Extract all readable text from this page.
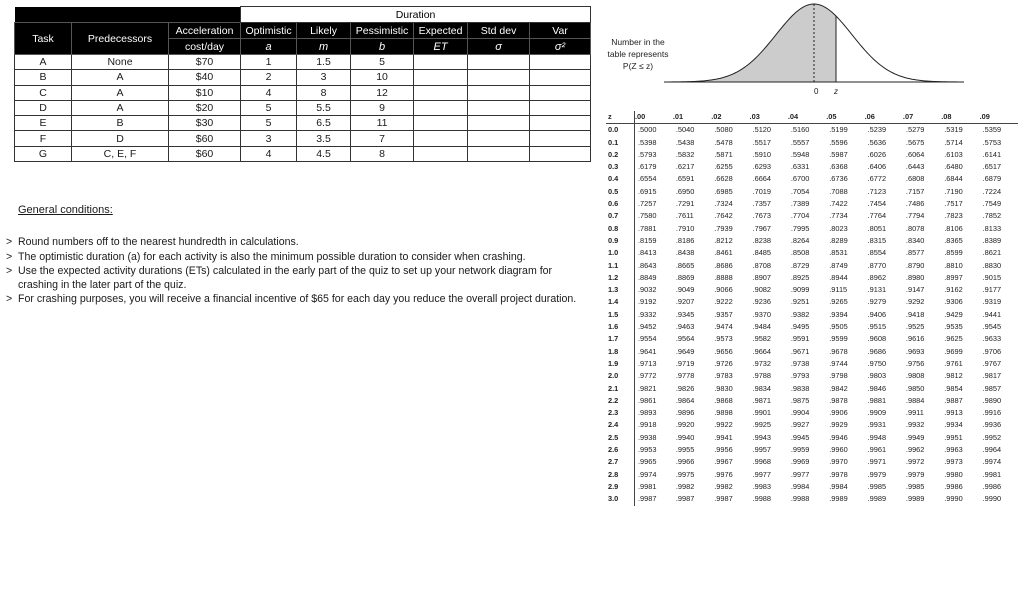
			Duration					
Task	Predecessors	Acceleration	Optimistic	Likely	Pessimistic	Expected	Std dev	Var
		cost/day	a	m	b	ET	σ	σ²
A	None	$70	1	1.5	5			
B	A	$40	2	3	10			
C	A	$10	4	8	12			
D	A	$20	5	5.5	9			
E	B	$30	5	6.5	11			
F	D	$60	3	3.5	7			
G	C, E, F	$60	4	4.5	8			
General conditions:
> Round numbers off to the nearest hundredth in calculations.
> The optimistic duration (a) for each activity is also the minimum possible duration to consider when crashing.
> Use the expected activity durations (ETs) calculated in the early part of the quiz to set up your network diagram for crashing in the later part of the quiz.
> For crashing purposes, you will receive a financial incentive of $65 for each day you reduce the overall project duration.
Number in the
table represents
P(Z ≤ z)
0 z
z	.00	.01	.02	.03	.04	.05	.06	.07	.08	.09
0.0	.5000	.5040	.5080	.5120	.5160	.5199	.5239	.5279	.5319	.5359
0.1	.5398	.5438	.5478	.5517	.5557	.5596	.5636	.5675	.5714	.5753
0.2	.5793	.5832	.5871	.5910	.5948	.5987	.6026	.6064	.6103	.6141
0.3	.6179	.6217	.6255	.6293	.6331	.6368	.6406	.6443	.6480	.6517
0.4	.6554	.6591	.6628	.6664	.6700	.6736	.6772	.6808	.6844	.6879
0.5	.6915	.6950	.6985	.7019	.7054	.7088	.7123	.7157	.7190	.7224
0.6	.7257	.7291	.7324	.7357	.7389	.7422	.7454	.7486	.7517	.7549
0.7	.7580	.7611	.7642	.7673	.7704	.7734	.7764	.7794	.7823	.7852
0.8	.7881	.7910	.7939	.7967	.7995	.8023	.8051	.8078	.8106	.8133
0.9	.8159	.8186	.8212	.8238	.8264	.8289	.8315	.8340	.8365	.8389
1.0	.8413	.8438	.8461	.8485	.8508	.8531	.8554	.8577	.8599	.8621
1.1	.8643	.8665	.8686	.8708	.8729	.8749	.8770	.8790	.8810	.8830
1.2	.8849	.8869	.8888	.8907	.8925	.8944	.8962	.8980	.8997	.9015
1.3	.9032	.9049	.9066	.9082	.9099	.9115	.9131	.9147	.9162	.9177
1.4	.9192	.9207	.9222	.9236	.9251	.9265	.9279	.9292	.9306	.9319
1.5	.9332	.9345	.9357	.9370	.9382	.9394	.9406	.9418	.9429	.9441
1.6	.9452	.9463	.9474	.9484	.9495	.9505	.9515	.9525	.9535	.9545
1.7	.9554	.9564	.9573	.9582	.9591	.9599	.9608	.9616	.9625	.9633
1.8	.9641	.9649	.9656	.9664	.9671	.9678	.9686	.9693	.9699	.9706
1.9	.9713	.9719	.9726	.9732	.9738	.9744	.9750	.9756	.9761	.9767
2.0	.9772	.9778	.9783	.9788	.9793	.9798	.9803	.9808	.9812	.9817
2.1	.9821	.9826	.9830	.9834	.9838	.9842	.9846	.9850	.9854	.9857
2.2	.9861	.9864	.9868	.9871	.9875	.9878	.9881	.9884	.9887	.9890
2.3	.9893	.9896	.9898	.9901	.9904	.9906	.9909	.9911	.9913	.9916
2.4	.9918	.9920	.9922	.9925	.9927	.9929	.9931	.9932	.9934	.9936
2.5	.9938	.9940	.9941	.9943	.9945	.9946	.9948	.9949	.9951	.9952
2.6	.9953	.9955	.9956	.9957	.9959	.9960	.9961	.9962	.9963	.9964
2.7	.9965	.9966	.9967	.9968	.9969	.9970	.9971	.9972	.9973	.9974
2.8	.9974	.9975	.9976	.9977	.9977	.9978	.9979	.9979	.9980	.9981
2.9	.9981	.9982	.9982	.9983	.9984	.9984	.9985	.9985	.9986	.9986
3.0	.9987	.9987	.9987	.9988	.9988	.9989	.9989	.9989	.9990	.9990
